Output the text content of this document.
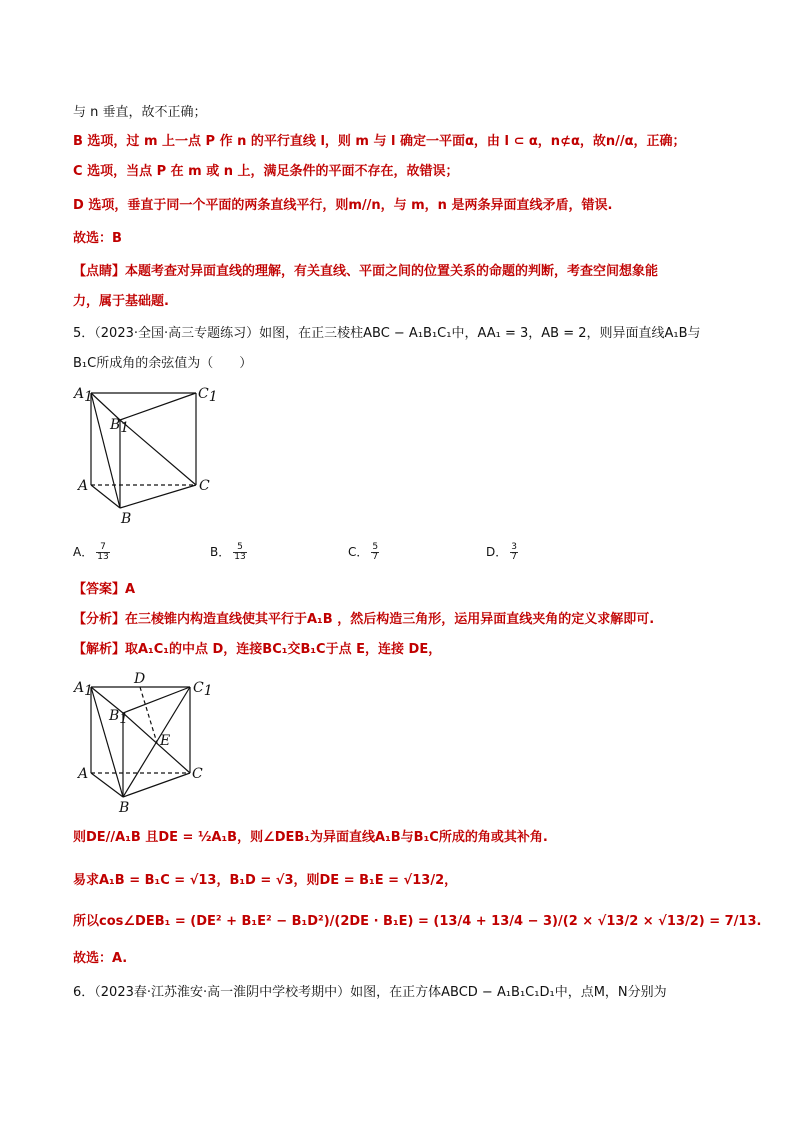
与 n 垂直，故不正确；
B 选项，过 m 上一点 P 作 n 的平行直线 l，则 m 与 l 确定一平面α，由 l ⊂ α，n⊄α，故n//α，正确；
C 选项，当点 P 在 m 或 n 上，满足条件的平面不存在，故错误；
D 选项，垂直于同一个平面的两条直线平行，则m//n，与 m，n 是两条异面直线矛盾，错误.
故选：B
【点睛】本题考查对异面直线的理解，有关直线、平面之间的位置关系的命题的判断，考查空间想象能
力，属于基础题.
5．（2023·全国·高三专题练习）如图，在正三棱柱ABC − A₁B₁C₁中，AA₁ = 3，AB = 2，则异面直线A₁B与
B₁C所成角的余弦值为（　　）
A1	C1
B1
A	C
B
A． $\frac{7}{13}$	B． $\frac{5}{13}$	C． $\frac{5}{7}$	D． $\frac{3}{7}$
【答案】A
【分析】在三棱锥内构造直线使其平行于A₁B ，然后构造三角形，运用异面直线夹角的定义求解即可.
【解析】取A₁C₁的中点 D，连接BC₁交B₁C于点 E，连接 DE，
A1
D
C1
B1
E
A	C
B
则DE//A₁B 且DE = ½A₁B，则∠DEB₁为异面直线A₁B与B₁C所成的角或其补角.
易求A₁B = B₁C = √13，B₁D = √3，则DE = B₁E = √13/2，
所以cos∠DEB₁ = (DE² + B₁E² − B₁D²)/(2DE · B₁E) = (13/4 + 13/4 − 3)/(2 × √13/2 × √13/2) = 7/13.
故选：A.
6．（2023春·江苏淮安·高一淮阴中学校考期中）如图，在正方体ABCD − A₁B₁C₁D₁中，点M，N分别为
